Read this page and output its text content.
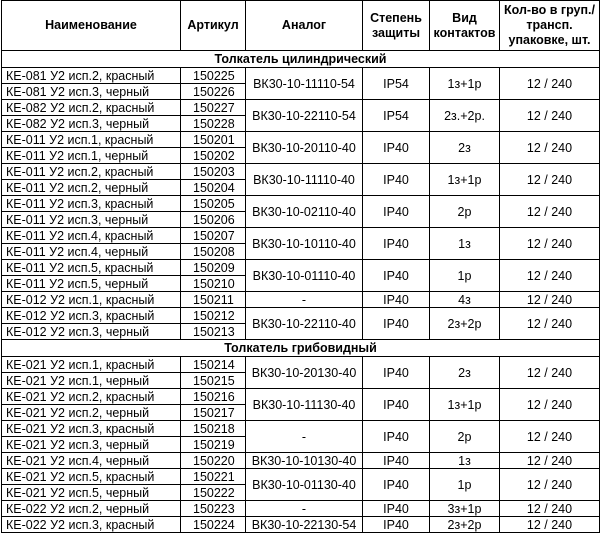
Наименование	Артикул	Аналог	Степень защиты	Вид контактов	Кол-во в груп./трансп. упаковке, шт.
Толкатель цилиндрический					
КЕ-081 У2 исп.2, красный	150225	ВК30-10-11110-54	IP54	1з+1р	12 / 240
КЕ-081 У2 исп.3, черный	150226				
КЕ-082 У2 исп.2, красный	150227	ВК30-10-22110-54	IP54	2з.+2р.	12 / 240
КЕ-082 У2 исп.3, черный	150228				
КЕ-011 У2 исп.1, красный	150201	ВК30-10-20110-40	IP40	2з	12 / 240
КЕ-011 У2 исп.1, черный	150202				
КЕ-011 У2 исп.2, красный	150203	ВК30-10-11110-40	IP40	1з+1р	12 / 240
КЕ-011 У2 исп.2, черный	150204				
КЕ-011 У2 исп.3, красный	150205	ВК30-10-02110-40	IP40	2р	12 / 240
КЕ-011 У2 исп.3, черный	150206				
КЕ-011 У2 исп.4, красный	150207	ВК30-10-10110-40	IP40	1з	12 / 240
КЕ-011 У2 исп.4, черный	150208				
КЕ-011 У2 исп.5, красный	150209	ВК30-10-01110-40	IP40	1р	12 / 240
КЕ-011 У2 исп.5, черный	150210				
КЕ-012 У2 исп.1, красный	150211	-	IP40	4з	12 / 240
КЕ-012 У2 исп.3, красный	150212	ВК30-10-22110-40	IP40	2з+2р	12 / 240
КЕ-012 У2 исп.3, черный	150213				
Толкатель грибовидный					
КЕ-021 У2 исп.1, красный	150214	ВК30-10-20130-40	IP40	2з	12 / 240
КЕ-021 У2 исп.1, черный	150215				
КЕ-021 У2 исп.2, красный	150216	ВК30-10-11130-40	IP40	1з+1р	12 / 240
КЕ-021 У2 исп.2, черный	150217				
КЕ-021 У2 исп.3, красный	150218	-	IP40	2р	12 / 240
КЕ-021 У2 исп.3, черный	150219				
КЕ-021 У2 исп.4, черный	150220	ВК30-10-10130-40	IP40	1з	12 / 240
КЕ-021 У2 исп.5, красный	150221	ВК30-10-01130-40	IP40	1р	12 / 240
КЕ-021 У2 исп.5, черный	150222				
КЕ-022 У2 исп.2, черный	150223	-	IP40	3з+1р	12 / 240
КЕ-022 У2 исп.3, красный	150224	ВК30-10-22130-54	IP40	2з+2р	12 / 240
